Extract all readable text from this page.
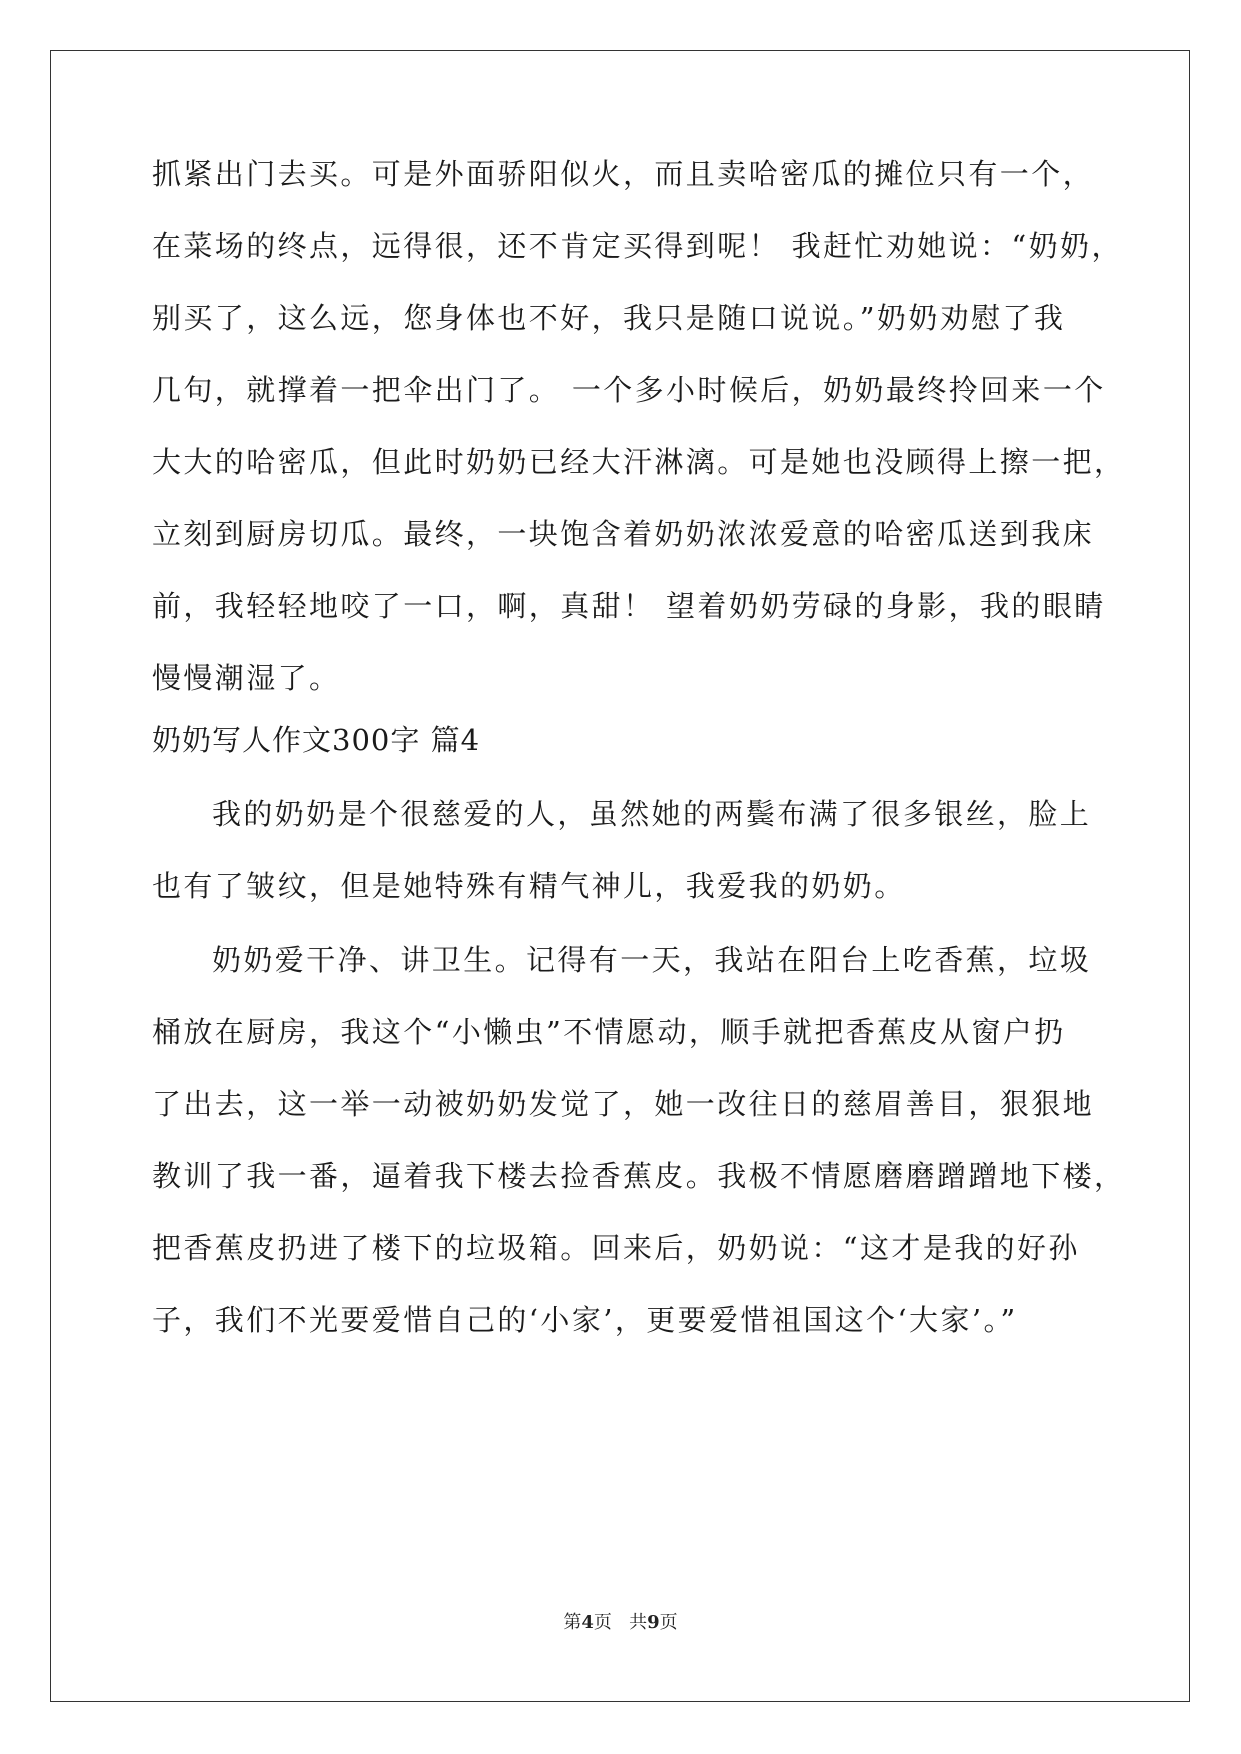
抓紧出门去买。可是外面骄阳似火，而且卖哈密瓜的摊位只有一个，
在菜场的终点，远得很，还不肯定买得到呢！ 我赶忙劝她说：“奶奶，
别买了，这么远，您身体也不好，我只是随口说说。”奶奶劝慰了我
几句，就撑着一把伞出门了。 一个多小时候后，奶奶最终拎回来一个
大大的哈密瓜，但此时奶奶已经大汗淋漓。可是她也没顾得上擦一把，
立刻到厨房切瓜。最终，一块饱含着奶奶浓浓爱意的哈密瓜送到我床
前，我轻轻地咬了一口，啊，真甜！ 望着奶奶劳碌的身影，我的眼睛
慢慢潮湿了。
奶奶写人作文300字 篇4
我的奶奶是个很慈爱的人，虽然她的两鬓布满了很多银丝，脸上
也有了皱纹，但是她特殊有精气神儿，我爱我的奶奶。
奶奶爱干净、讲卫生。记得有一天，我站在阳台上吃香蕉，垃圾
桶放在厨房，我这个“小懒虫”不情愿动，顺手就把香蕉皮从窗户扔
了出去，这一举一动被奶奶发觉了，她一改往日的慈眉善目，狠狠地
教训了我一番，逼着我下楼去捡香蕉皮。我极不情愿磨磨蹭蹭地下楼，
把香蕉皮扔进了楼下的垃圾箱。回来后，奶奶说：“这才是我的好孙
子，我们不光要爱惜自己的‘小家’，更要爱惜祖国这个‘大家’。”
第4页   共9页
